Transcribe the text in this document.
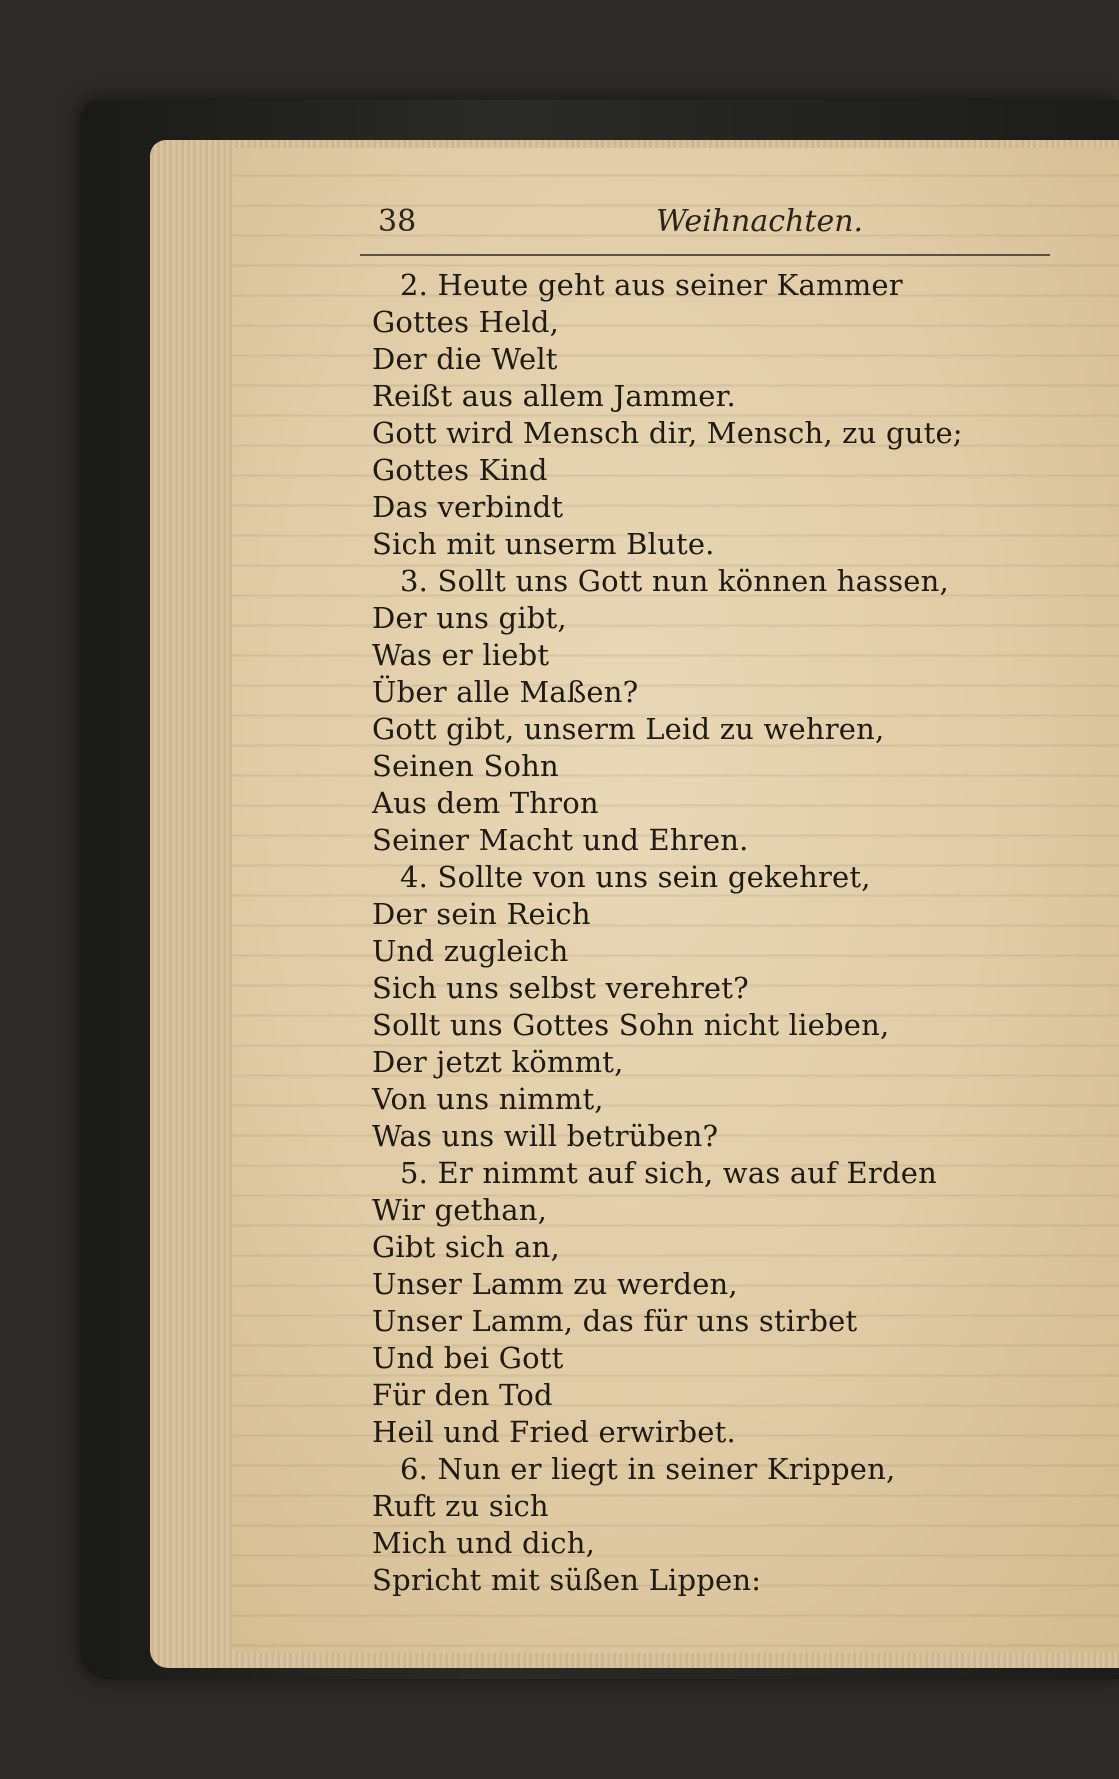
38	Weihnachten.
2. Heute geht aus seiner Kammer
Gottes Held,
Der die Welt
Reißt aus allem Jammer.
Gott wird Mensch dir, Mensch, zu gute;
Gottes Kind
Das verbindt
Sich mit unserm Blute.
3. Sollt uns Gott nun können hassen,
Der uns gibt,
Was er liebt
Über alle Maßen?
Gott gibt, unserm Leid zu wehren,
Seinen Sohn
Aus dem Thron
Seiner Macht und Ehren.
4. Sollte von uns sein gekehret,
Der sein Reich
Und zugleich
Sich uns selbst verehret?
Sollt uns Gottes Sohn nicht lieben,
Der jetzt kömmt,
Von uns nimmt,
Was uns will betrüben?
5. Er nimmt auf sich, was auf Erden
Wir gethan,
Gibt sich an,
Unser Lamm zu werden,
Unser Lamm, das für uns stirbet
Und bei Gott
Für den Tod
Heil und Fried erwirbet.
6. Nun er liegt in seiner Krippen,
Ruft zu sich
Mich und dich,
Spricht mit süßen Lippen:
